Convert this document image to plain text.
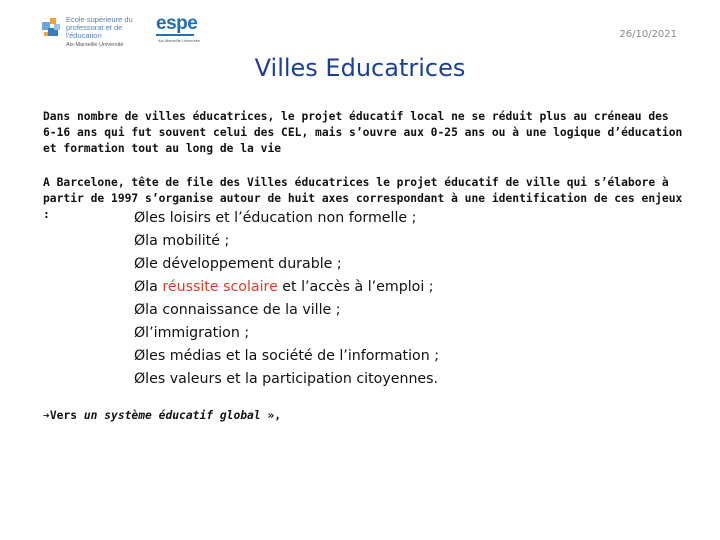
Ecole supérieure du
professorat et de l'éducation
Aix-Marseille Université
espe
Aix-Marseille Université
26/10/2021
Villes Educatrices
Dans nombre de villes éducatrices, le projet éducatif local ne se réduit plus au créneau des 6-16 ans qui fut souvent celui des CEL, mais s’ouvre aux 0-25 ans ou à une logique d’éducation et formation tout au long de la vie
A Barcelone, tête de file des Villes éducatrices le projet éducatif de ville qui s’élabore à partir de 1997 s’organise autour de huit axes correspondant à une identification de ces enjeux :	Øles loisirs et l’éducation non formelle ;
Øla mobilité ;
Øle développement durable ;
Øla réussite scolaire et l’accès à l’emploi ;
Øla connaissance de la ville ;
Øl’immigration ;
Øles médias et la société de l’information ;
Øles valeurs et la participation citoyennes.
➔Vers un système éducatif global »,
